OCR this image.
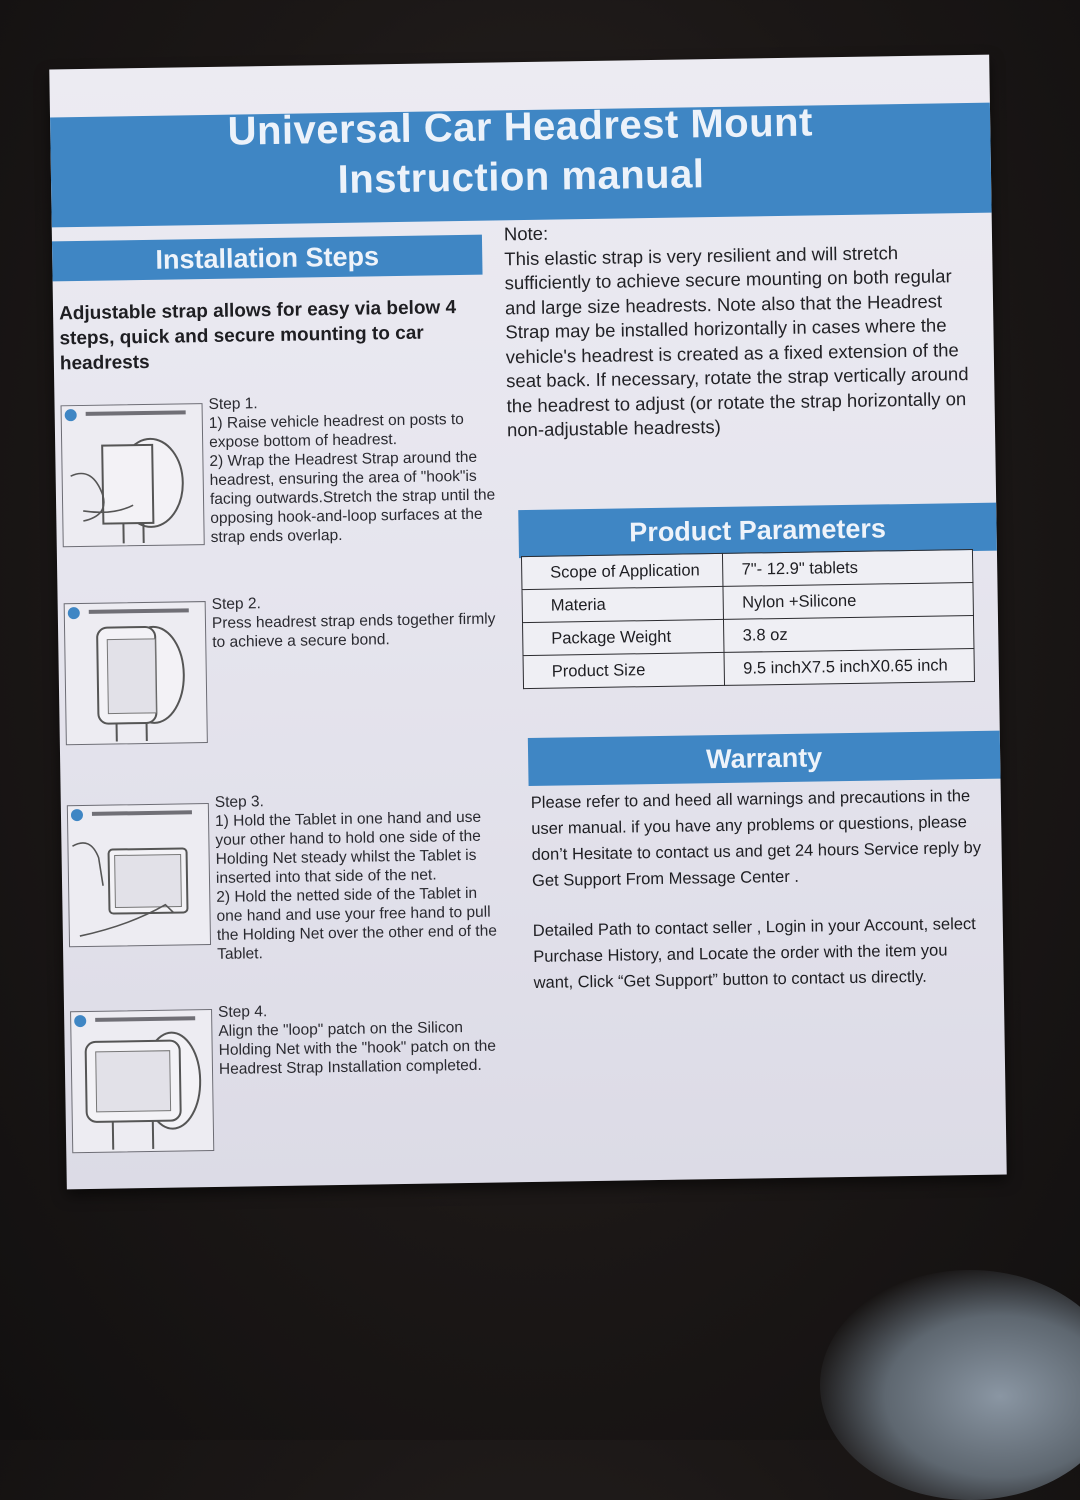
Universal Car Headrest Mount
Instruction manual
Installation Steps
Adjustable strap allows for easy via below 4 steps, quick and secure mounting to car headrests
Step 1.
1) Raise vehicle headrest on posts to expose bottom of headrest.
2) Wrap the Headrest Strap around the headrest, ensuring the area of "hook"is facing outwards.Stretch the strap until the opposing hook-and-loop surfaces at the strap ends overlap.
Step 2.
Press headrest strap ends together firmly to achieve a secure bond.
Step 3.
1) Hold the Tablet in one hand and use your other hand to hold one side of the Holding Net steady whilst the Tablet is inserted into that side of the net.
2) Hold the netted side of the Tablet in one hand and use your free hand to pull the Holding Net over the other end of the Tablet.
Step 4.
Align the "loop" patch on the Silicon Holding Net with the "hook" patch on the Headrest Strap Installation completed.
Note:
This elastic strap is very resilient and will stretch sufficiently to achieve secure mounting on both regular and large size headrests. Note also that the Headrest Strap may be installed horizontally in cases where the vehicle's headrest is created as a fixed extension of the seat back. If necessary, rotate the strap vertically around the headrest to adjust (or rotate the strap horizontally on non-adjustable headrests)
Product Parameters
Scope of Application	7"- 12.9" tablets
Materia	Nylon +Silicone
Package Weight	3.8 oz
Product Size	9.5 inchX7.5 inchX0.65 inch
Warranty

Please refer to and heed all warnings and precautions in the user manual. if you have any problems or questions, please don’t Hesitate to contact us and get 24 hours Service reply by Get Support From Message Center .

Detailed Path to contact seller , Login in your Account, select Purchase History, and Locate the order with the item you want, Click “Get Support” button to contact us directly.
